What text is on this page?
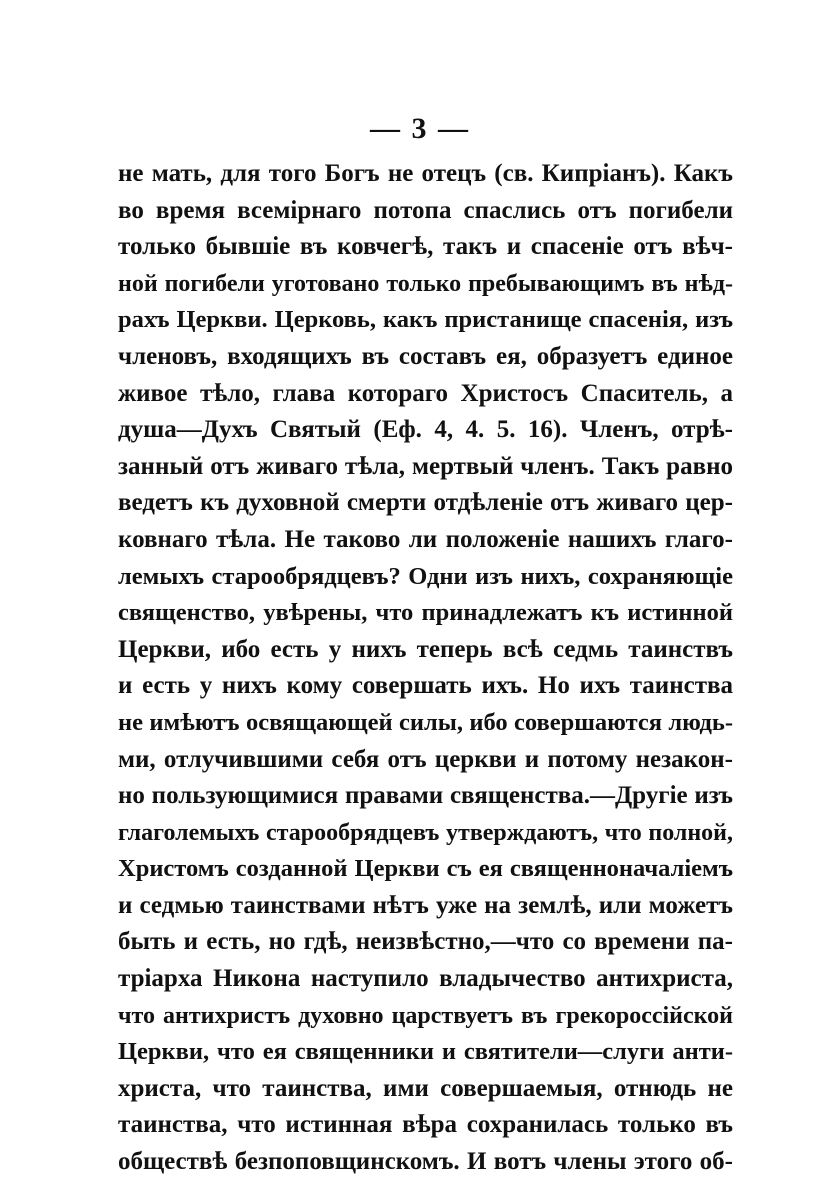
— 3 —
не мать, для того Богъ не отецъ (св. Кипріанъ). Какъ
во время всемірнаго потопа спаслись отъ погибели
только бывшіе въ ковчегѣ, такъ и спасеніе отъ вѣч-
ной погибели уготовано только пребывающимъ въ нѣд-
рахъ Церкви. Церковь, какъ пристанище спасенія, изъ
членовъ, входящихъ въ составъ ея, образуетъ единое
живое тѣло, глава котораго Христосъ Спаситель, а
душа—Духъ Святый (Еф. 4, 4. 5. 16). Членъ, отрѣ-
занный отъ живаго тѣла, мертвый членъ. Такъ равно
ведетъ къ духовной смерти отдѣленіе отъ живаго цер-
ковнаго тѣла. Не таково ли положеніе нашихъ глаго-
лемыхъ старообрядцевъ? Одни изъ нихъ, сохраняющіе
священство, увѣрены, что принадлежатъ къ истинной
Церкви, ибо есть у нихъ теперь всѣ седмь таинствъ
и есть у нихъ кому совершать ихъ. Но ихъ таинства
не имѣютъ освящающей силы, ибо совершаются людь-
ми, отлучившими себя отъ церкви и потому незакон-
но пользующимися правами священства.—Другіе изъ
глаголемыхъ старообрядцевъ утверждаютъ, что полной,
Христомъ созданной Церкви съ ея священноначаліемъ
и седмью таинствами нѣтъ уже на землѣ, или можетъ
быть и есть, но гдѣ, неизвѣстно,—что со времени па-
тріарха Никона наступило владычество антихриста,
что антихристъ духовно царствуетъ въ грекороссійской
Церкви, что ея священники и святители—слуги анти-
христа, что таинства, ими совершаемыя, отнюдь не
таинства, что истинная вѣра сохранилась только въ
обществѣ безпоповщинскомъ. И вотъ члены этого об-
